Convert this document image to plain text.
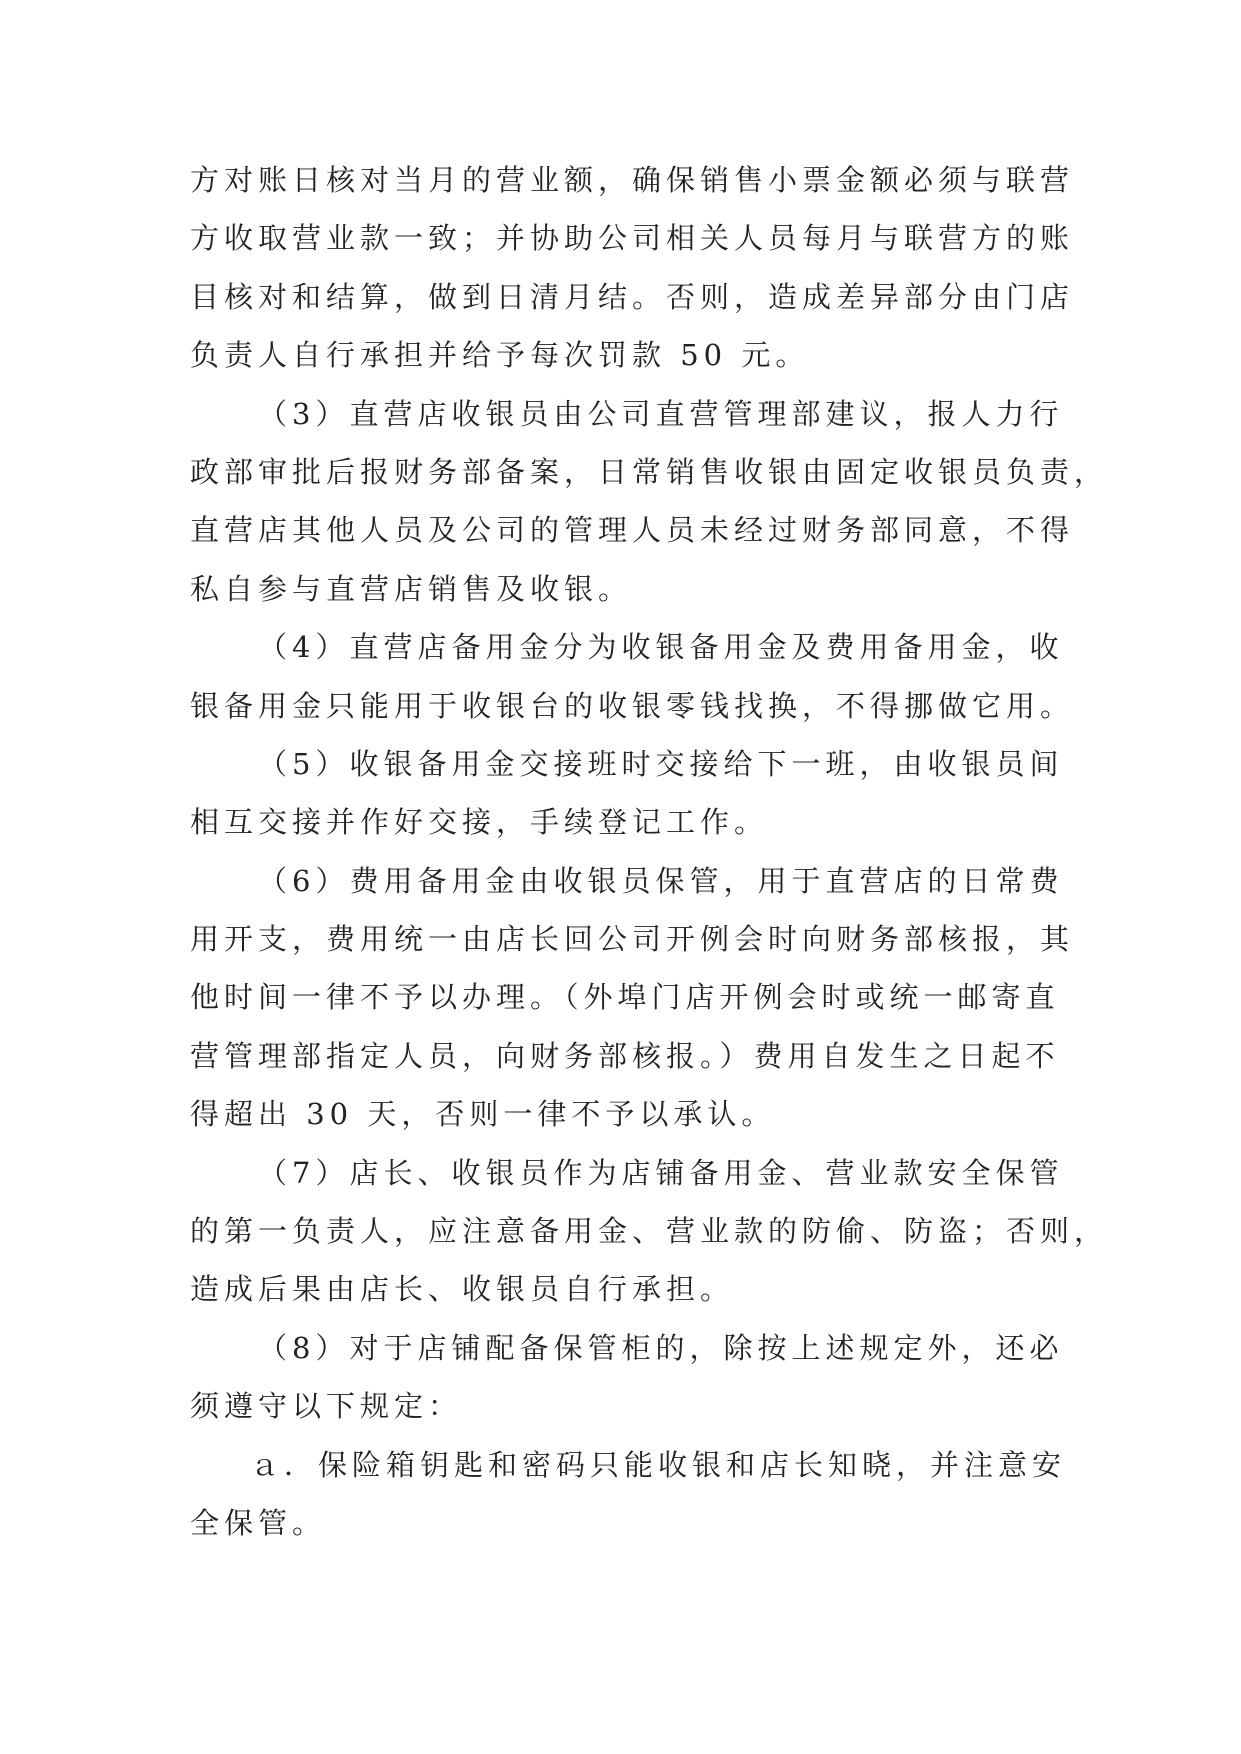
方对账日核对当月的营业额，确保销售小票金额必须与联营
方收取营业款一致；并协助公司相关人员每月与联营方的账
目核对和结算，做到日清月结。否则，造成差异部分由门店
负责人自行承担并给予每次罚款 50 元。
（3）直营店收银员由公司直营管理部建议，报人力行
政部审批后报财务部备案，日常销售收银由固定收银员负责，
直营店其他人员及公司的管理人员未经过财务部同意，不得
私自参与直营店销售及收银。
（4）直营店备用金分为收银备用金及费用备用金，收
银备用金只能用于收银台的收银零钱找换，不得挪做它用。
（5）收银备用金交接班时交接给下一班，由收银员间
相互交接并作好交接，手续登记工作。
（6）费用备用金由收银员保管，用于直营店的日常费
用开支，费用统一由店长回公司开例会时向财务部核报，其
他时间一律不予以办理。（外埠门店开例会时或统一邮寄直
营管理部指定人员，向财务部核报。）费用自发生之日起不
得超出 30 天，否则一律不予以承认。
（7）店长、收银员作为店铺备用金、营业款安全保管
的第一负责人，应注意备用金、营业款的防偷、防盗；否则，
造成后果由店长、收银员自行承担。
（8）对于店铺配备保管柜的，除按上述规定外，还必
须遵守以下规定：
ａ．保险箱钥匙和密码只能收银和店长知晓，并注意安
全保管。
